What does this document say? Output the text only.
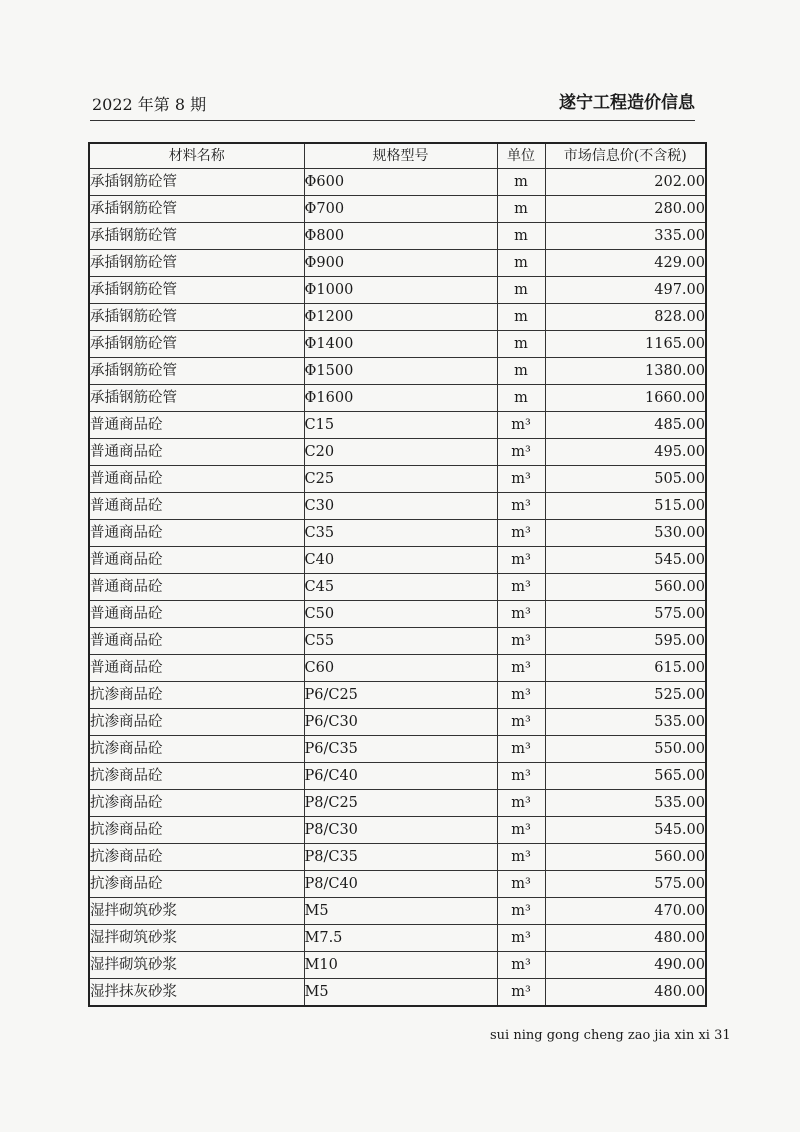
2022 年第 8 期	遂宁工程造价信息
材料名称	规格型号	单位	市场信息价(不含税)
承插钢筋砼管	Φ600	m	202.00
承插钢筋砼管	Φ700	m	280.00
承插钢筋砼管	Φ800	m	335.00
承插钢筋砼管	Φ900	m	429.00
承插钢筋砼管	Φ1000	m	497.00
承插钢筋砼管	Φ1200	m	828.00
承插钢筋砼管	Φ1400	m	1165.00
承插钢筋砼管	Φ1500	m	1380.00
承插钢筋砼管	Φ1600	m	1660.00
普通商品砼	C15	m³	485.00
普通商品砼	C20	m³	495.00
普通商品砼	C25	m³	505.00
普通商品砼	C30	m³	515.00
普通商品砼	C35	m³	530.00
普通商品砼	C40	m³	545.00
普通商品砼	C45	m³	560.00
普通商品砼	C50	m³	575.00
普通商品砼	C55	m³	595.00
普通商品砼	C60	m³	615.00
抗渗商品砼	P6/C25	m³	525.00
抗渗商品砼	P6/C30	m³	535.00
抗渗商品砼	P6/C35	m³	550.00
抗渗商品砼	P6/C40	m³	565.00
抗渗商品砼	P8/C25	m³	535.00
抗渗商品砼	P8/C30	m³	545.00
抗渗商品砼	P8/C35	m³	560.00
抗渗商品砼	P8/C40	m³	575.00
湿拌砌筑砂浆	M5	m³	470.00
湿拌砌筑砂浆	M7.5	m³	480.00
湿拌砌筑砂浆	M10	m³	490.00
湿拌抹灰砂浆	M5	m³	480.00
sui ning gong cheng zao jia xin xi 31
